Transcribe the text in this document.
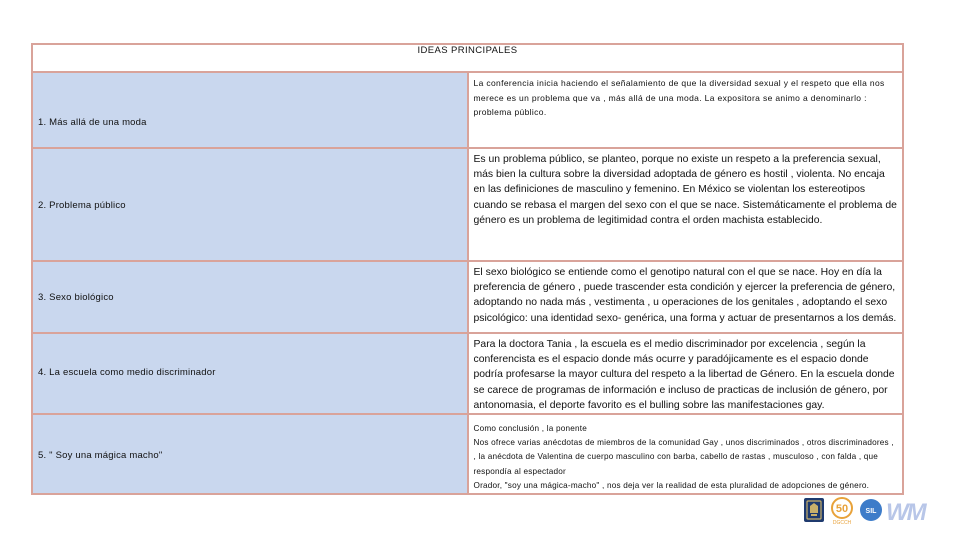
IDEAS PRINCIPALES	

1. Más allá de una moda	La conferencia inicia haciendo el señalamiento de que la diversidad sexual y el respeto que ella nos merece es un problema que va , más allá de una moda. La expositora se animo a denominarlo : problema público.

2. Problema público	Es un problema público, se planteo, porque no existe un respeto a la preferencia sexual, más bien la cultura sobre la diversidad adoptada de género es hostil , violenta. No encaja en las definiciones de masculino y femenino. En México se violentan los estereotipos cuando se rebasa el margen del sexo con el que se nace. Sistemáticamente el problema de género es un problema de legitimidad contra el orden machista establecido.

3. Sexo biológico	El sexo biológico se entiende como el genotipo natural con el que se nace. Hoy en día la preferencia de género , puede trascender esta condición y ejercer la preferencia de género, adoptando no nada más , vestimenta , u operaciones de los genitales , adoptando el sexo psicológico: una identidad sexo- genérica, una forma y actuar de presentarnos a los demás.

4. La escuela como medio discriminador	Para la doctora Tania , la escuela es el medio discriminador por excelencia , según la conferencista es el espacio donde más ocurre y paradójicamente es el espacio donde podría profesarse la mayor cultura del respeto a la libertad de Género. En la escuela donde se carece de programas de información e incluso de practicas de inclusión de género, por antonomasia, el deporte favorito es el bulling sobre las manifestaciones gay.

5. " Soy una mágica macho"	Como conclusión , la ponente
Nos ofrece varias anécdotas de miembros de la comunidad Gay , unos discriminados , otros discriminadores , , la anécdota de Valentina de cuerpo masculino con barba, cabello de rastas , musculoso , con falda , que respondía al espectador
Orador, "soy una mágica-macho" , nos deja ver la realidad de esta pluralidad de adopciones de género.
50
DGCCH
SIL WM
